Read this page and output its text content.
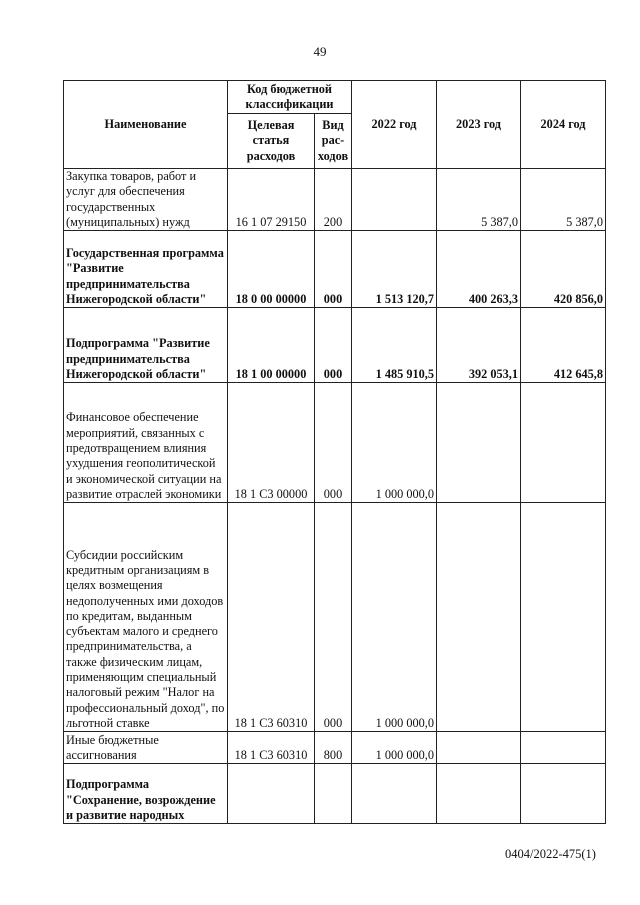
49
Наименование	Код бюджетной классификации		2022 год	2023 год	2024 год
	Целевая статья расходов	Вид рас-ходов			
Закупка товаров, работ и услуг для обеспечения государственных (муниципальных) нужд	16 1 07 29150	200		5 387,0	5 387,0
Государственная программа "Развитие предпринимательства Нижегородской области"	18 0 00 00000	000	1 513 120,7	400 263,3	420 856,0
Подпрограмма "Развитие предпринимательства Нижегородской области"	18 1 00 00000	000	1 485 910,5	392 053,1	412 645,8
Финансовое обеспечение мероприятий, связанных с предотвращением влияния ухудшения геополитической и экономической ситуации на развитие отраслей экономики	18 1 С3 00000	000	1 000 000,0		
Субсидии российским кредитным организациям в целях возмещения недополученных ими доходов по кредитам, выданным субъектам малого и среднего предпринимательства, а также физическим лицам, применяющим специальный налоговый режим "Налог на профессиональный доход", по льготной ставке	18 1 С3 60310	000	1 000 000,0		
Иные бюджетные ассигнования	18 1 С3 60310	800	1 000 000,0		
Подпрограмма "Сохранение, возрождение и развитие народных					
0404/2022-475(1)
